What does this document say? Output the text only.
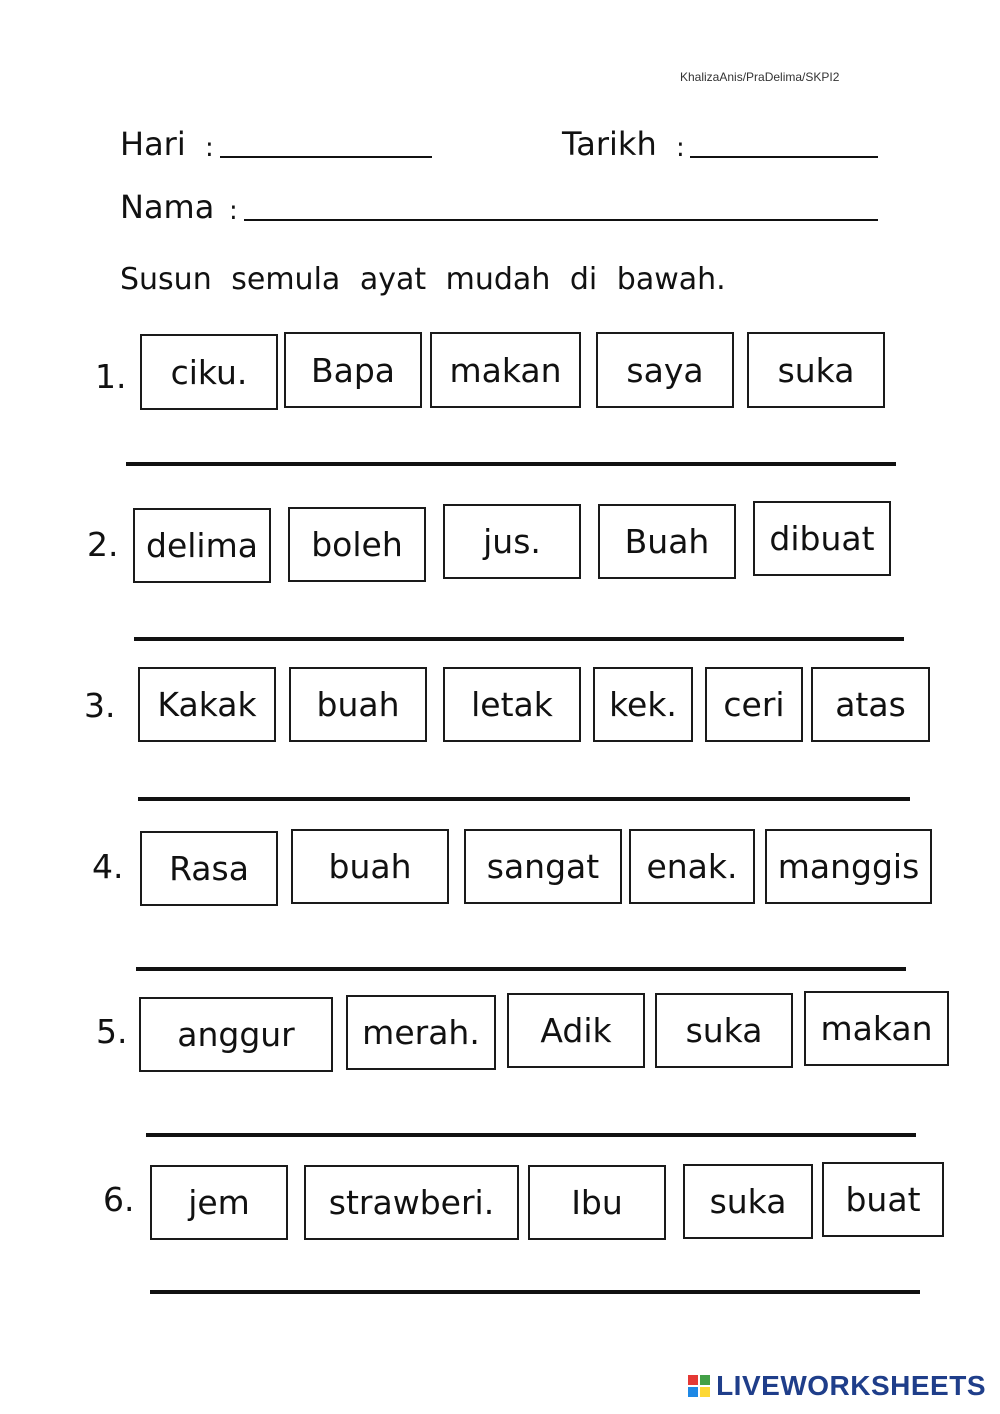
KhalizaAnis/PraDelima/SKPI2
Hari :	Tarikh :
Nama :
Susun semula ayat mudah di bawah.
1.	ciku.	Bapa	makan	saya	suka
2. delima	boleh	jus.	Buah	dibuat
3.	Kakak	buah	letak	kek.	ceri	atas
4.	Rasa	buah	sangat	enak.	manggis
5.	anggur	merah.	Adik	suka	makan
6.	jem	strawberi.	Ibu	suka	buat
LIVEWORKSHEETS
